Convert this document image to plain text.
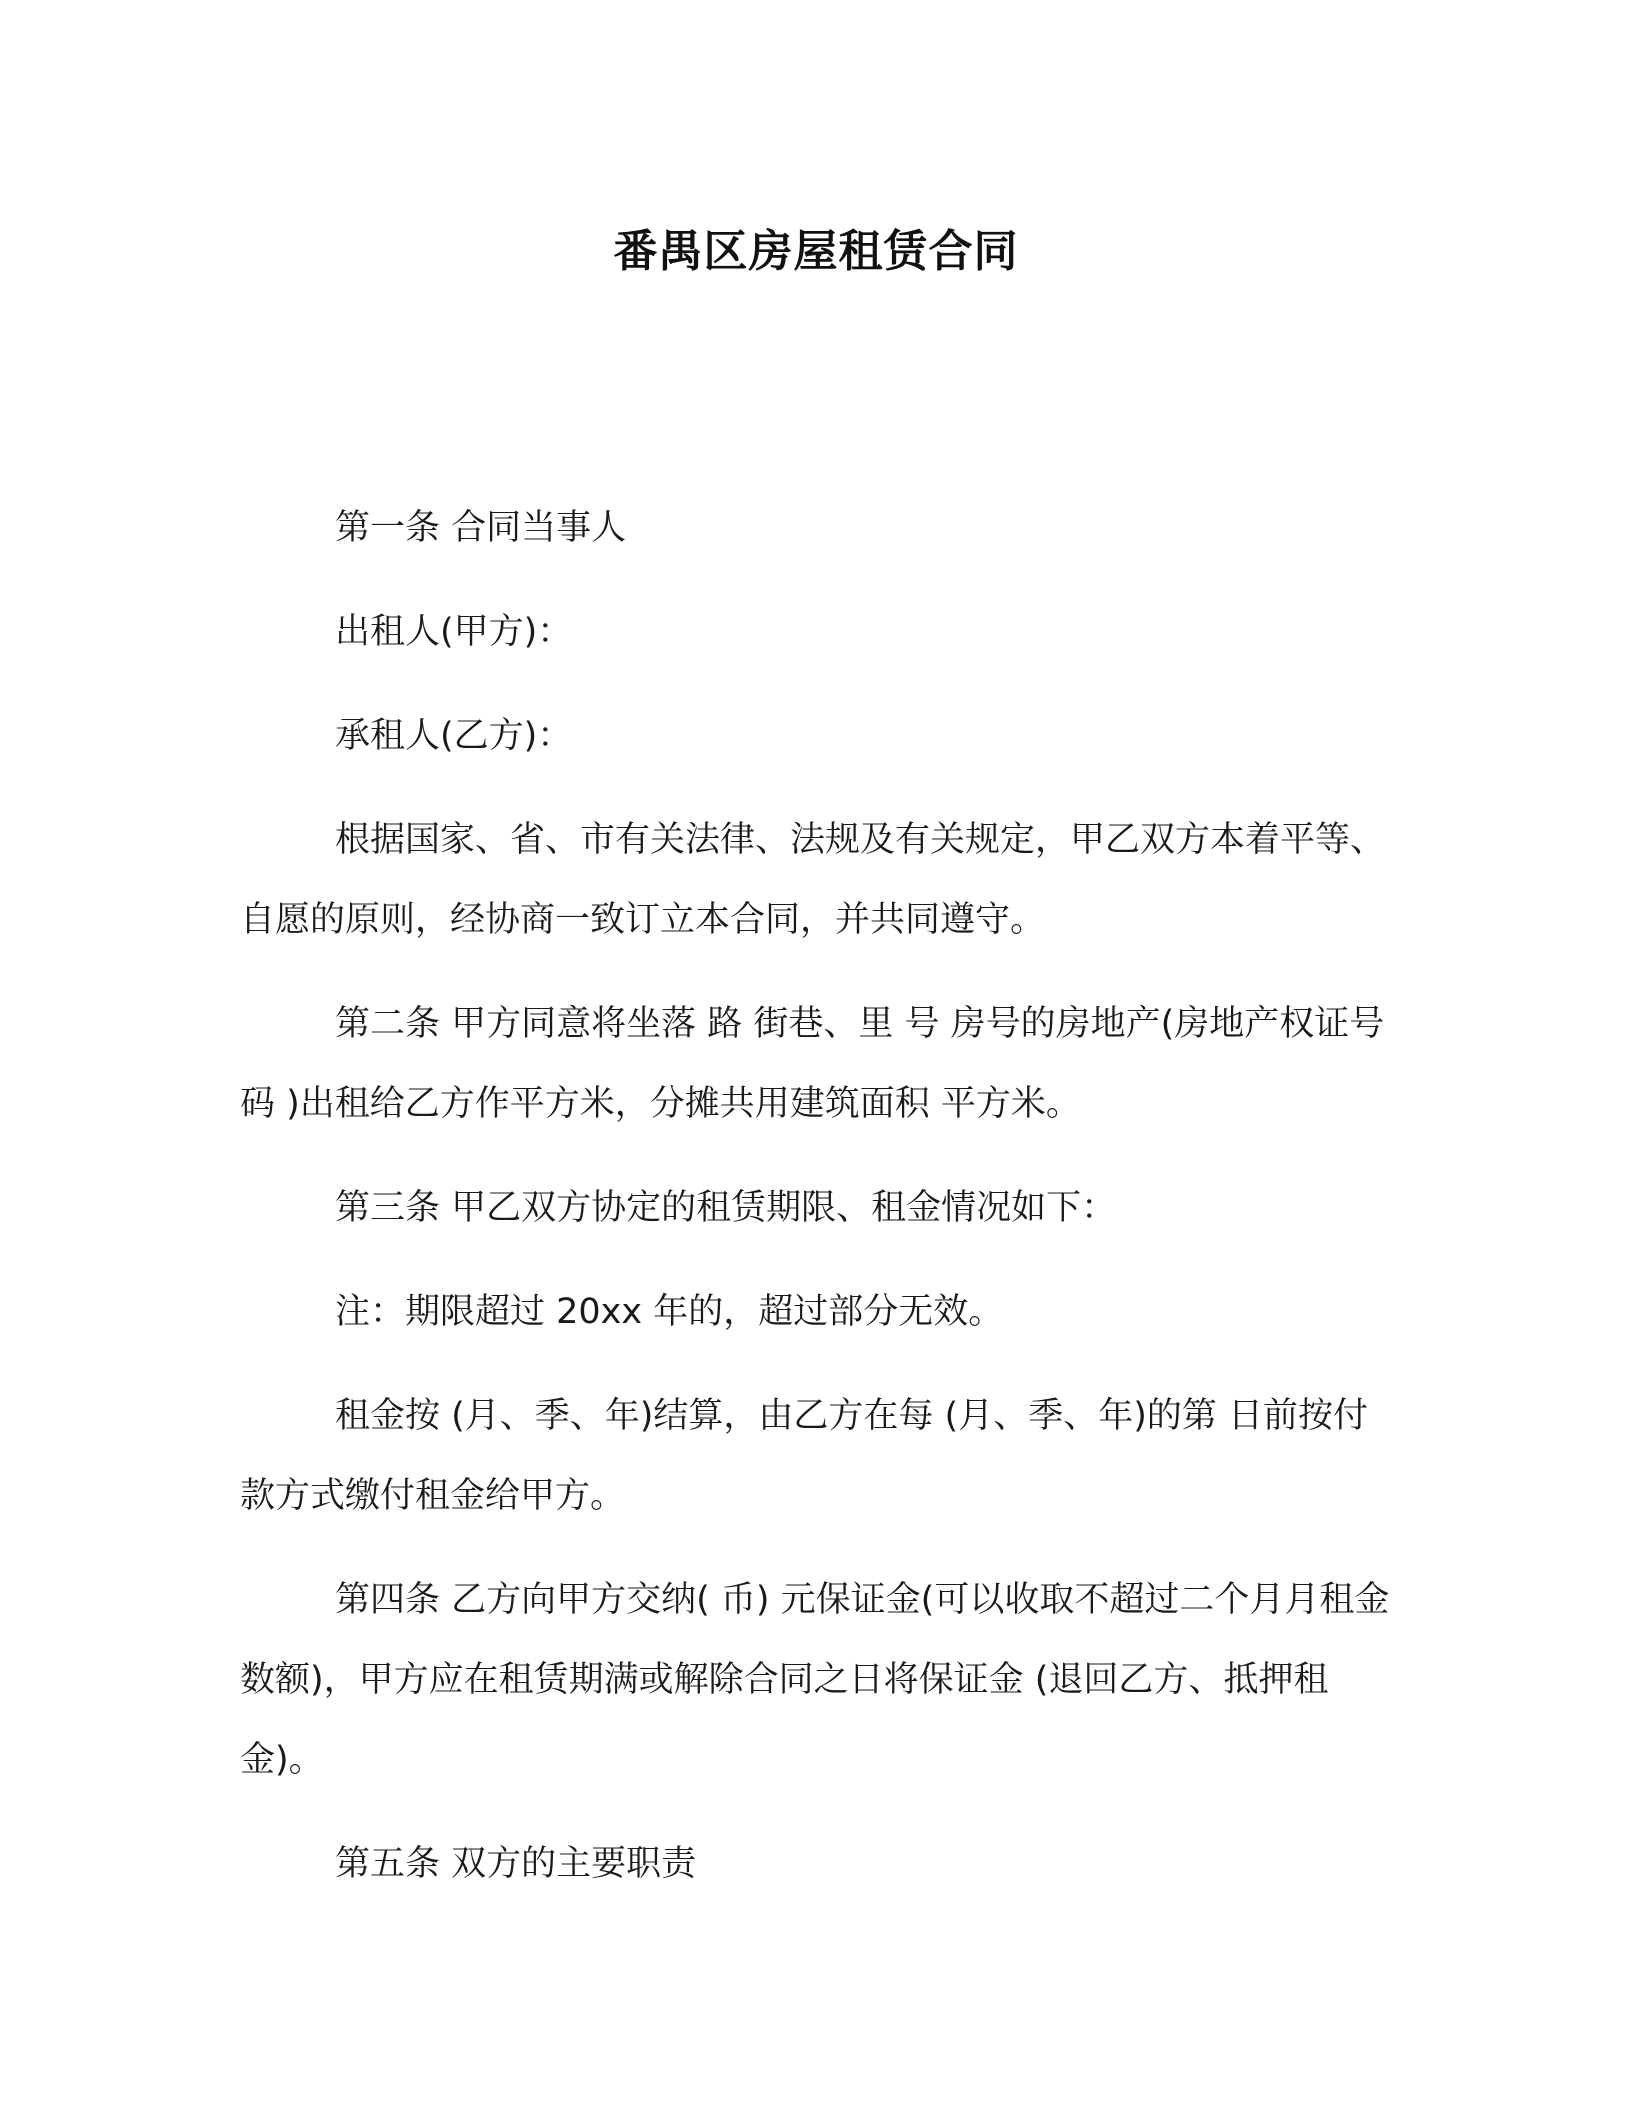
番禺区房屋租赁合同

第一条 合同当事人

出租人(甲方)：

承租人(乙方)：

根据国家、省、市有关法律、法规及有关规定，甲乙双方本着平等、自愿的原则，经协商一致订立本合同，并共同遵守。

第二条 甲方同意将坐落 路 街巷、里 号 房号的房地产(房地产权证号码 )出租给乙方作平方米，分摊共用建筑面积 平方米。

第三条 甲乙双方协定的租赁期限、租金情况如下：

注：期限超过 20xx 年的，超过部分无效。

租金按 (月、季、年)结算，由乙方在每 (月、季、年)的第 日前按付款方式缴付租金给甲方。

第四条 乙方向甲方交纳( 币) 元保证金(可以收取不超过二个月月租金数额)，甲方应在租赁期满或解除合同之日将保证金 (退回乙方、抵押租金)。

第五条 双方的主要职责
